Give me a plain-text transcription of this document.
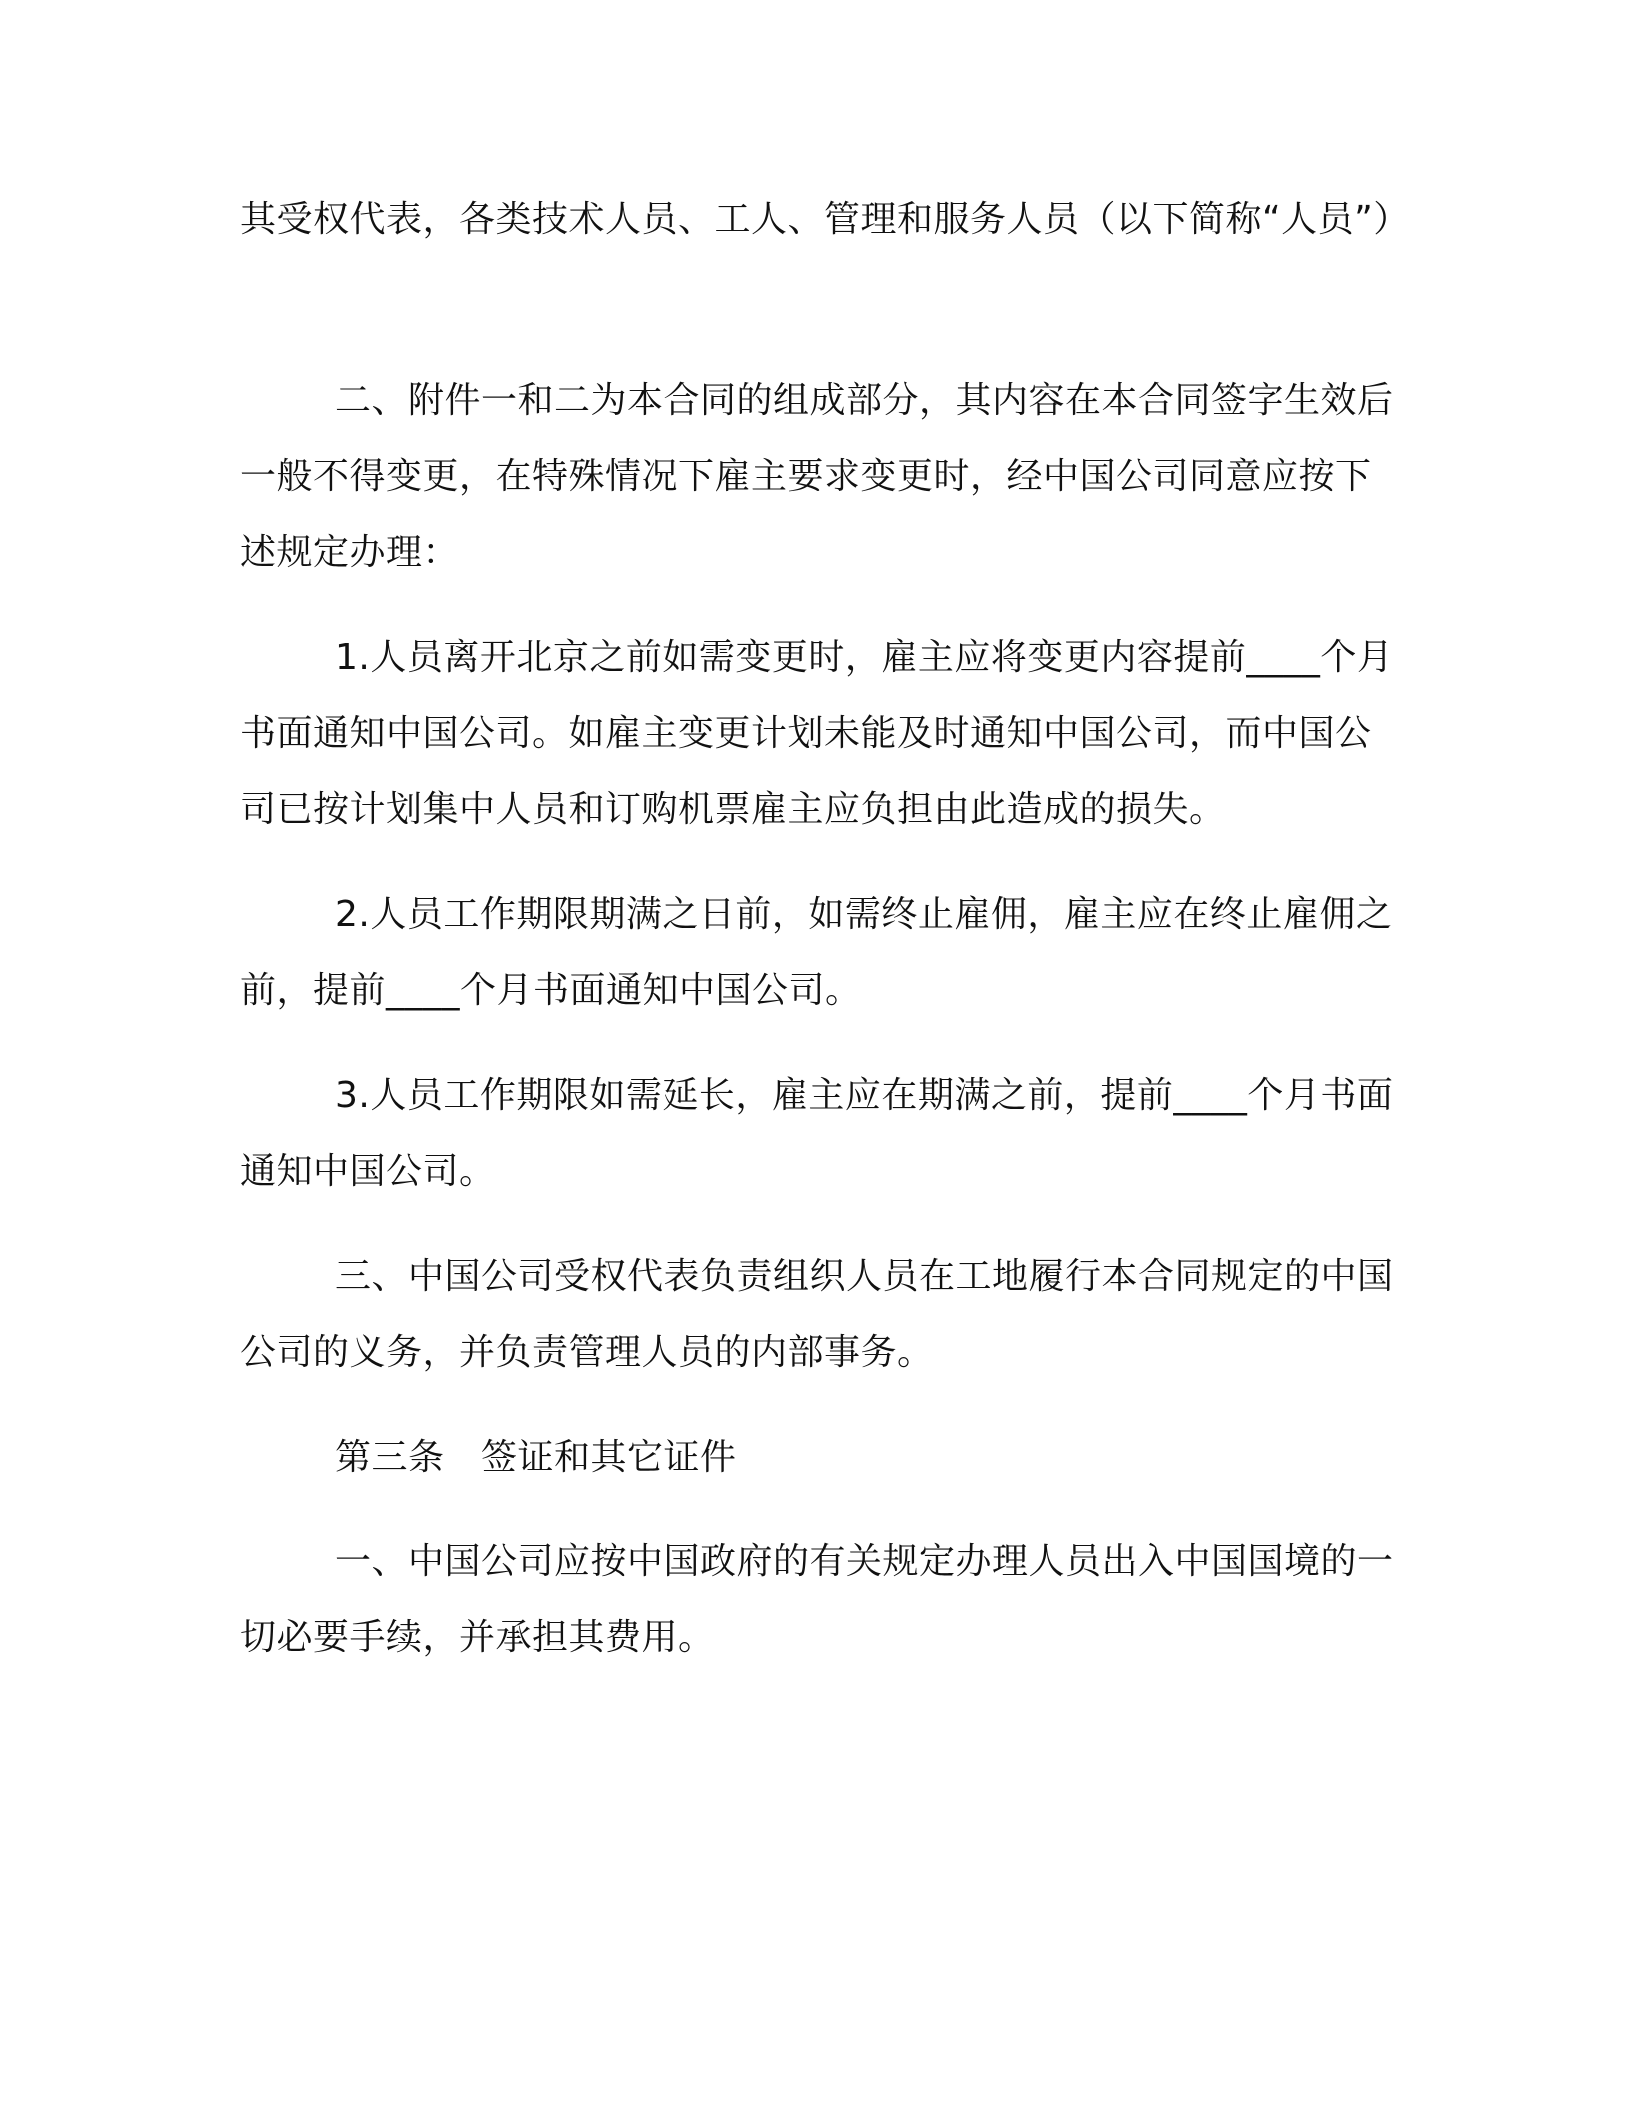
其受权代表，各类技术人员、工人、管理和服务人员（以下简称“人员”）

二、附件一和二为本合同的组成部分，其内容在本合同签字生效后一般不得变更，在特殊情况下雇主要求变更时，经中国公司同意应按下述规定办理：

1.人员离开北京之前如需变更时，雇主应将变更内容提前____个月书面通知中国公司。如雇主变更计划未能及时通知中国公司，而中国公司已按计划集中人员和订购机票雇主应负担由此造成的损失。

2.人员工作期限期满之日前，如需终止雇佣，雇主应在终止雇佣之前，提前____个月书面通知中国公司。

3.人员工作期限如需延长，雇主应在期满之前，提前____个月书面通知中国公司。

三、中国公司受权代表负责组织人员在工地履行本合同规定的中国公司的义务，并负责管理人员的内部事务。

第三条　签证和其它证件

一、中国公司应按中国政府的有关规定办理人员出入中国国境的一切必要手续，并承担其费用。
